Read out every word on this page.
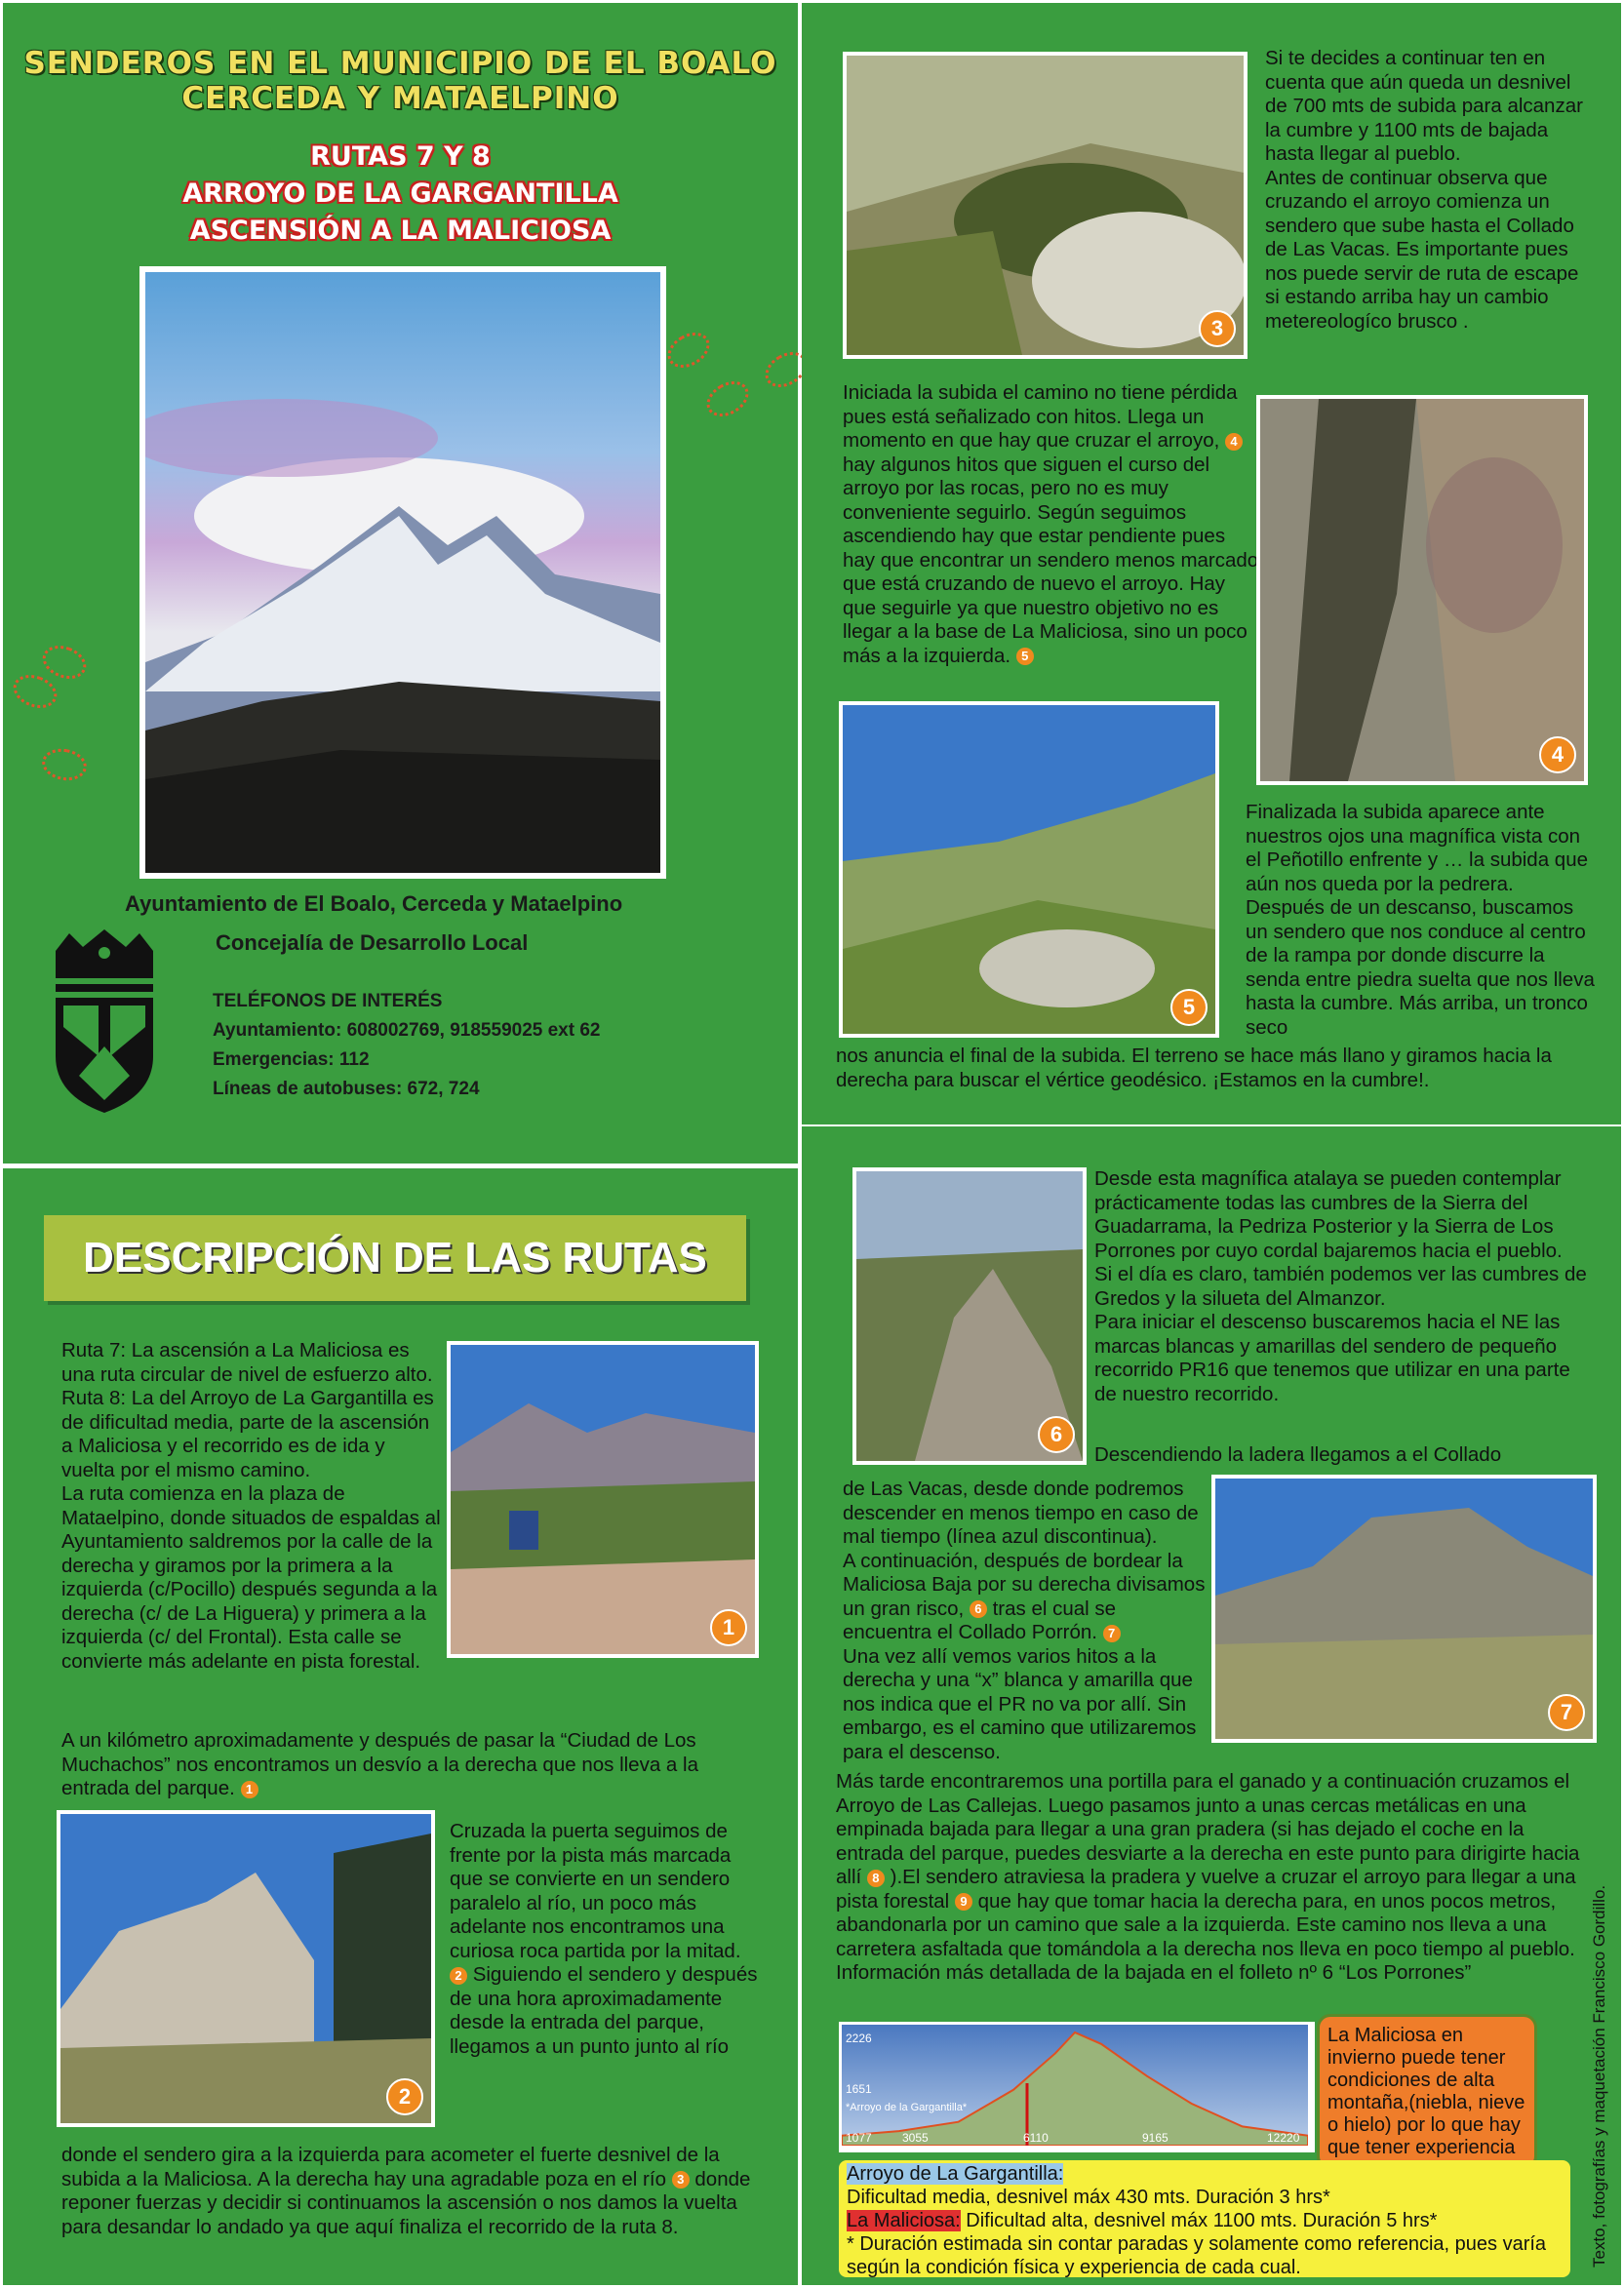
SENDEROS EN EL MUNICIPIO DE EL BOALO
CERCEDA Y MATAELPINO
RUTAS 7 Y 8
ARROYO DE LA GARGANTILLA
ASCENSIÓN A LA MALICIOSA
Ayuntamiento de El Boalo, Cerceda y Mataelpino
Concejalía de Desarrollo Local
TELÉFONOS DE INTERÉS
Ayuntamiento: 608002769, 918559025 ext 62
Emergencias: 112
Líneas de autobuses: 672, 724
3

Si te decides a continuar ten en cuenta que aún queda un desnivel de 700 mts de subida para alcanzar la cumbre y 1100 mts de bajada hasta llegar al pueblo.

Antes de continuar observa que cruzando el arroyo comienza un sendero que sube hasta el Collado de Las Vacas. Es importante pues nos puede servir de ruta de escape si estando arriba hay un cambio metereologíco brusco .

Iniciada la subida el camino no tiene pérdida pues está señalizado con hitos. Llega un momento en que hay que cruzar el arroyo, 4 hay algunos hitos que siguen el curso del arroyo por las rocas, pero no es muy conveniente seguirlo. Según seguimos ascendiendo hay que estar pendiente pues hay que encontrar un sendero menos marcado que está cruzando de nuevo el arroyo. Hay que seguirle ya que nuestro objetivo no es llegar a la base de La Maliciosa, sino un poco más a la izquierda. 5
4
5
Finalizada la subida aparece ante nuestros ojos una magnífica vista con el Peñotillo enfrente y … la subida que aún nos queda por la pedrera. Después de un descanso, buscamos un sendero que nos conduce al centro de la rampa por donde discurre la senda entre piedra suelta que nos lleva hasta la cumbre. Más arriba, un tronco seco
nos anuncia el final de la subida. El terreno se hace más llano y giramos hacia la derecha para buscar el vértice geodésico. ¡Estamos en la cumbre!.
DESCRIPCIÓN DE LAS RUTAS

Ruta 7: La ascensión a La Maliciosa es una ruta circular de nivel de esfuerzo alto.

Ruta 8: La del Arroyo de La Gargantilla es de dificultad media, parte de la ascensión a Maliciosa y el recorrido es de ida y vuelta por el mismo camino.

La ruta comienza en la plaza de Mataelpino, donde situados de espaldas al Ayuntamiento saldremos por la calle de la derecha y giramos por la primera a la izquierda (c/Pocillo) después segunda a la derecha (c/ de La Higuera) y primera a la izquierda (c/ del Frontal). Esta calle se convierte más adelante en pista forestal.

1
A un kilómetro aproximadamente y después de pasar la “Ciudad de Los Muchachos” nos encontramos un desvío a la derecha que nos lleva a la entrada del parque. 1
2
Cruzada la puerta seguimos de frente por la pista más marcada que se convierte en un sendero paralelo al río, un poco más adelante nos encontramos una curiosa roca partida por la mitad. 2 Siguiendo el sendero y después de una hora aproximadamente desde la entrada del parque, llegamos a un punto junto al río
donde el sendero gira a la izquierda para acometer el fuerte desnivel de la subida a la Maliciosa. A la derecha hay una agradable poza en el río 3 donde reponer fuerzas y decidir si continuamos la ascensión o nos damos la vuelta para desandar lo andado ya que aquí finaliza el recorrido de la ruta 8.
6

Desde esta magnífica atalaya se pueden contemplar prácticamente todas las cumbres de la Sierra del Guadarrama, la Pedriza Posterior y la Sierra de Los Porrones por cuyo cordal bajaremos hacia el pueblo.

Si el día es claro, también podemos ver las cumbres de Gredos y la silueta del Almanzor.

Para iniciar el descenso buscaremos hacia el NE las marcas blancas y amarillas del sendero de pequeño recorrido PR16 que tenemos que utilizar en una parte de nuestro recorrido.

Descendiendo la ladera llegamos a el Collado
7

de Las Vacas, desde donde podremos descender en menos tiempo en caso de mal tiempo (línea azul discontinua).

A continuación, después de bordear la Maliciosa Baja por su derecha divisamos un gran risco, 6 tras el cual se encuentra el Collado Porrón. 7

Una vez allí vemos varios hitos a la derecha y una “x” blanca y amarilla que nos indica que el PR no va por allí. Sin embargo, es el camino que utilizaremos para el descenso.

Más tarde encontraremos una portilla para el ganado y a continuación cruzamos el Arroyo de Las Callejas. Luego pasamos junto a unas cercas metálicas en una empinada bajada para llegar a una gran pradera (si has dejado el coche en la entrada del parque, puedes desviarte a la derecha en este punto para dirigirte hacia allí 8 ).El sendero atraviesa la pradera y vuelve a cruzar el arroyo para llegar a una pista forestal 9 que hay que tomar hacia la derecha para, en unos pocos metros, abandonarla por un camino que sale a la izquierda. Este camino nos lleva a una carretera asfaltada que tomándola a la derecha nos lleva en poco tiempo al pueblo.

Información más detallada de la bajada en el folleto nº 6 “Los Porrones”

2226
1651
1077	3055	6110	9165	12220
*Arroyo de la Gargantilla*
La Maliciosa en invierno puede tener condiciones de alta montaña,(niebla, nieve o hielo) por lo que hay que tener experiencia
Arroyo de La Gargantilla:
Dificultad media, desnivel máx 430 mts. Duración 3 hrs*
La Maliciosa: Dificultad alta, desnivel máx 1100 mts. Duración 5 hrs*
* Duración estimada sin contar paradas y solamente como referencia, pues varía según la condición física y experiencia de cada cual.	Texto, fotografías y maquetación Francisco Gordillo.
